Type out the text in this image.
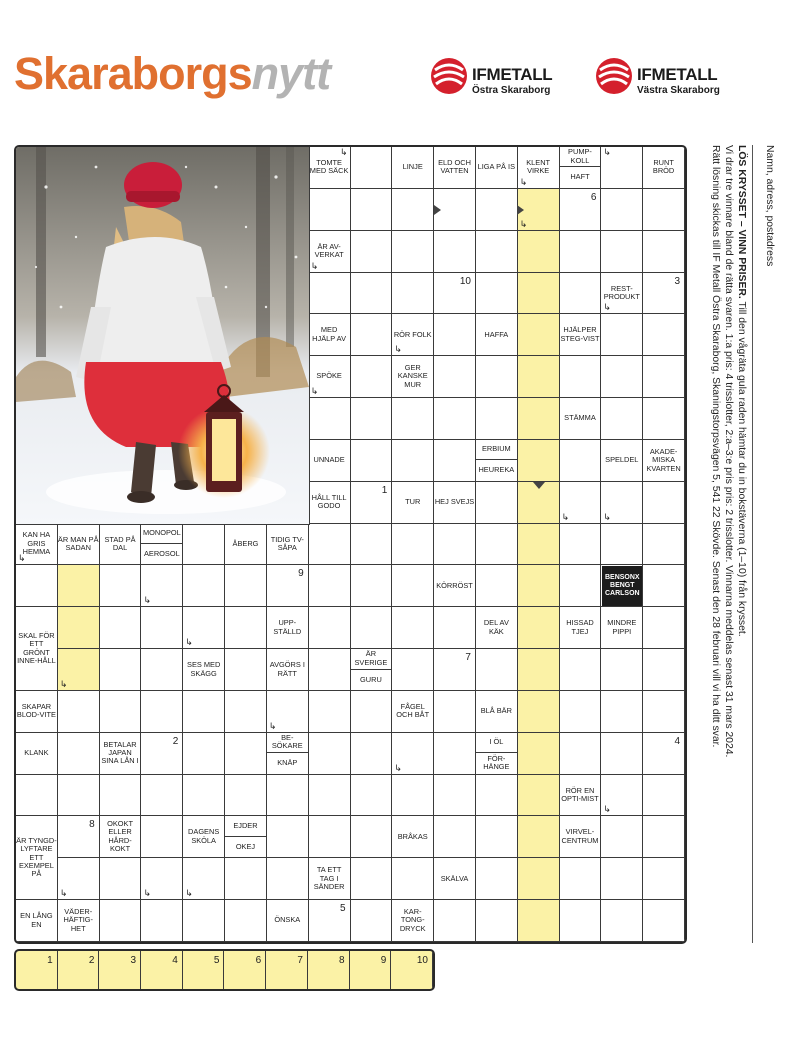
Skaraborgsnytt	IFMETALL
Östra Skaraborg
IFMETALL
Västra Skaraborg
TOMTE MED SÄCK
↳
LINJE	ELD OCH VATTEN	LIGA PÅ IS	KLENT VIRKE
PUMP-KOLL
HAFT
↳
RUNT BRÖD
6
ÄR AV-VERKAT
10
REST-PRODUKT
3
MED HJÄLP AV	RÖR FOLK	HAFFA	HJÄLPER STEG-VIST
SPÖKE
GER KANSKE MUR
STÄMMA
UNNADE
ERBIUM
HEUREKA
SPELDEL
AKADE-MISKA KVARTEN
HÅLL TILL GODO
1
TUR HEJ SVEJS
KAN HA GRIS HEMMA
ÄR MAN PÅ SADAN
STAD PÅ DAL
MONOPOL
AEROSOL
ÅBERG	TIDIG TV-SÅPA
9
KÖRRÖST
SKAL FÖR ETT GRÖNT INNE-HÅLL
UPP-STÄLLD
DEL AV KÄK
HISSAD TJEJ
MINDRE PIPPI
SES MED SKÄGG
AVGÖRS I RÄTT
ÄR SVERIGE
GURU
7
SKAPAR BLOD-VITE
FÅGEL OCH BÅT	BLÅ BÄR
KLANK
BETALAR JAPAN SINA LÅN I
2	BE-SÖKARE
KNÄP
I ÖL
FÖR-HÄNGE
4
RÖR EN OPTI-MIST
ÄR TYNGD-LYFTARE ETT EXEMPEL PÅ
8	OKOKT ELLER HÅRD-KOKT
DAGENS SKÖLA
EJDER
OKEJ
BRÅKAS	VIRVEL-CENTRUM
TA ETT TAG I SÄNDER
SKÄLVA
EN LÅNG EN
VÄDER-HÄFTIG-HET
ÖNSKA
5	KAR-TONG-DRYCK
↳
↳
↳
↳
↳
↳
↳
↳
↳
↳	↳	↳
↳	↳
↳
↳
↳
↳
BENSONX
BENGT
CARLSON
1	2	3	4	5	6	7	8	9	10
Namn, adress, postadress

LÖS KRYSSET – VINN PRISER. Till den vågräta gula raden hämtar du in bokstäverna (1–10) från krysset.

Vi drar tre vinnare bland de rätta svaren. 1:a pris: 4 trisslotter, 2:a–3:e pris pris: 2 trisslotter. Vinnarna meddelas senast 31 mars 2024.

Rätt lösning skickas till IF Metall Östra Skaraborg, Skaningstorpsvägen 5, 541 22 Skövde. Senast den 28 februari vill vi ha ditt svar.
